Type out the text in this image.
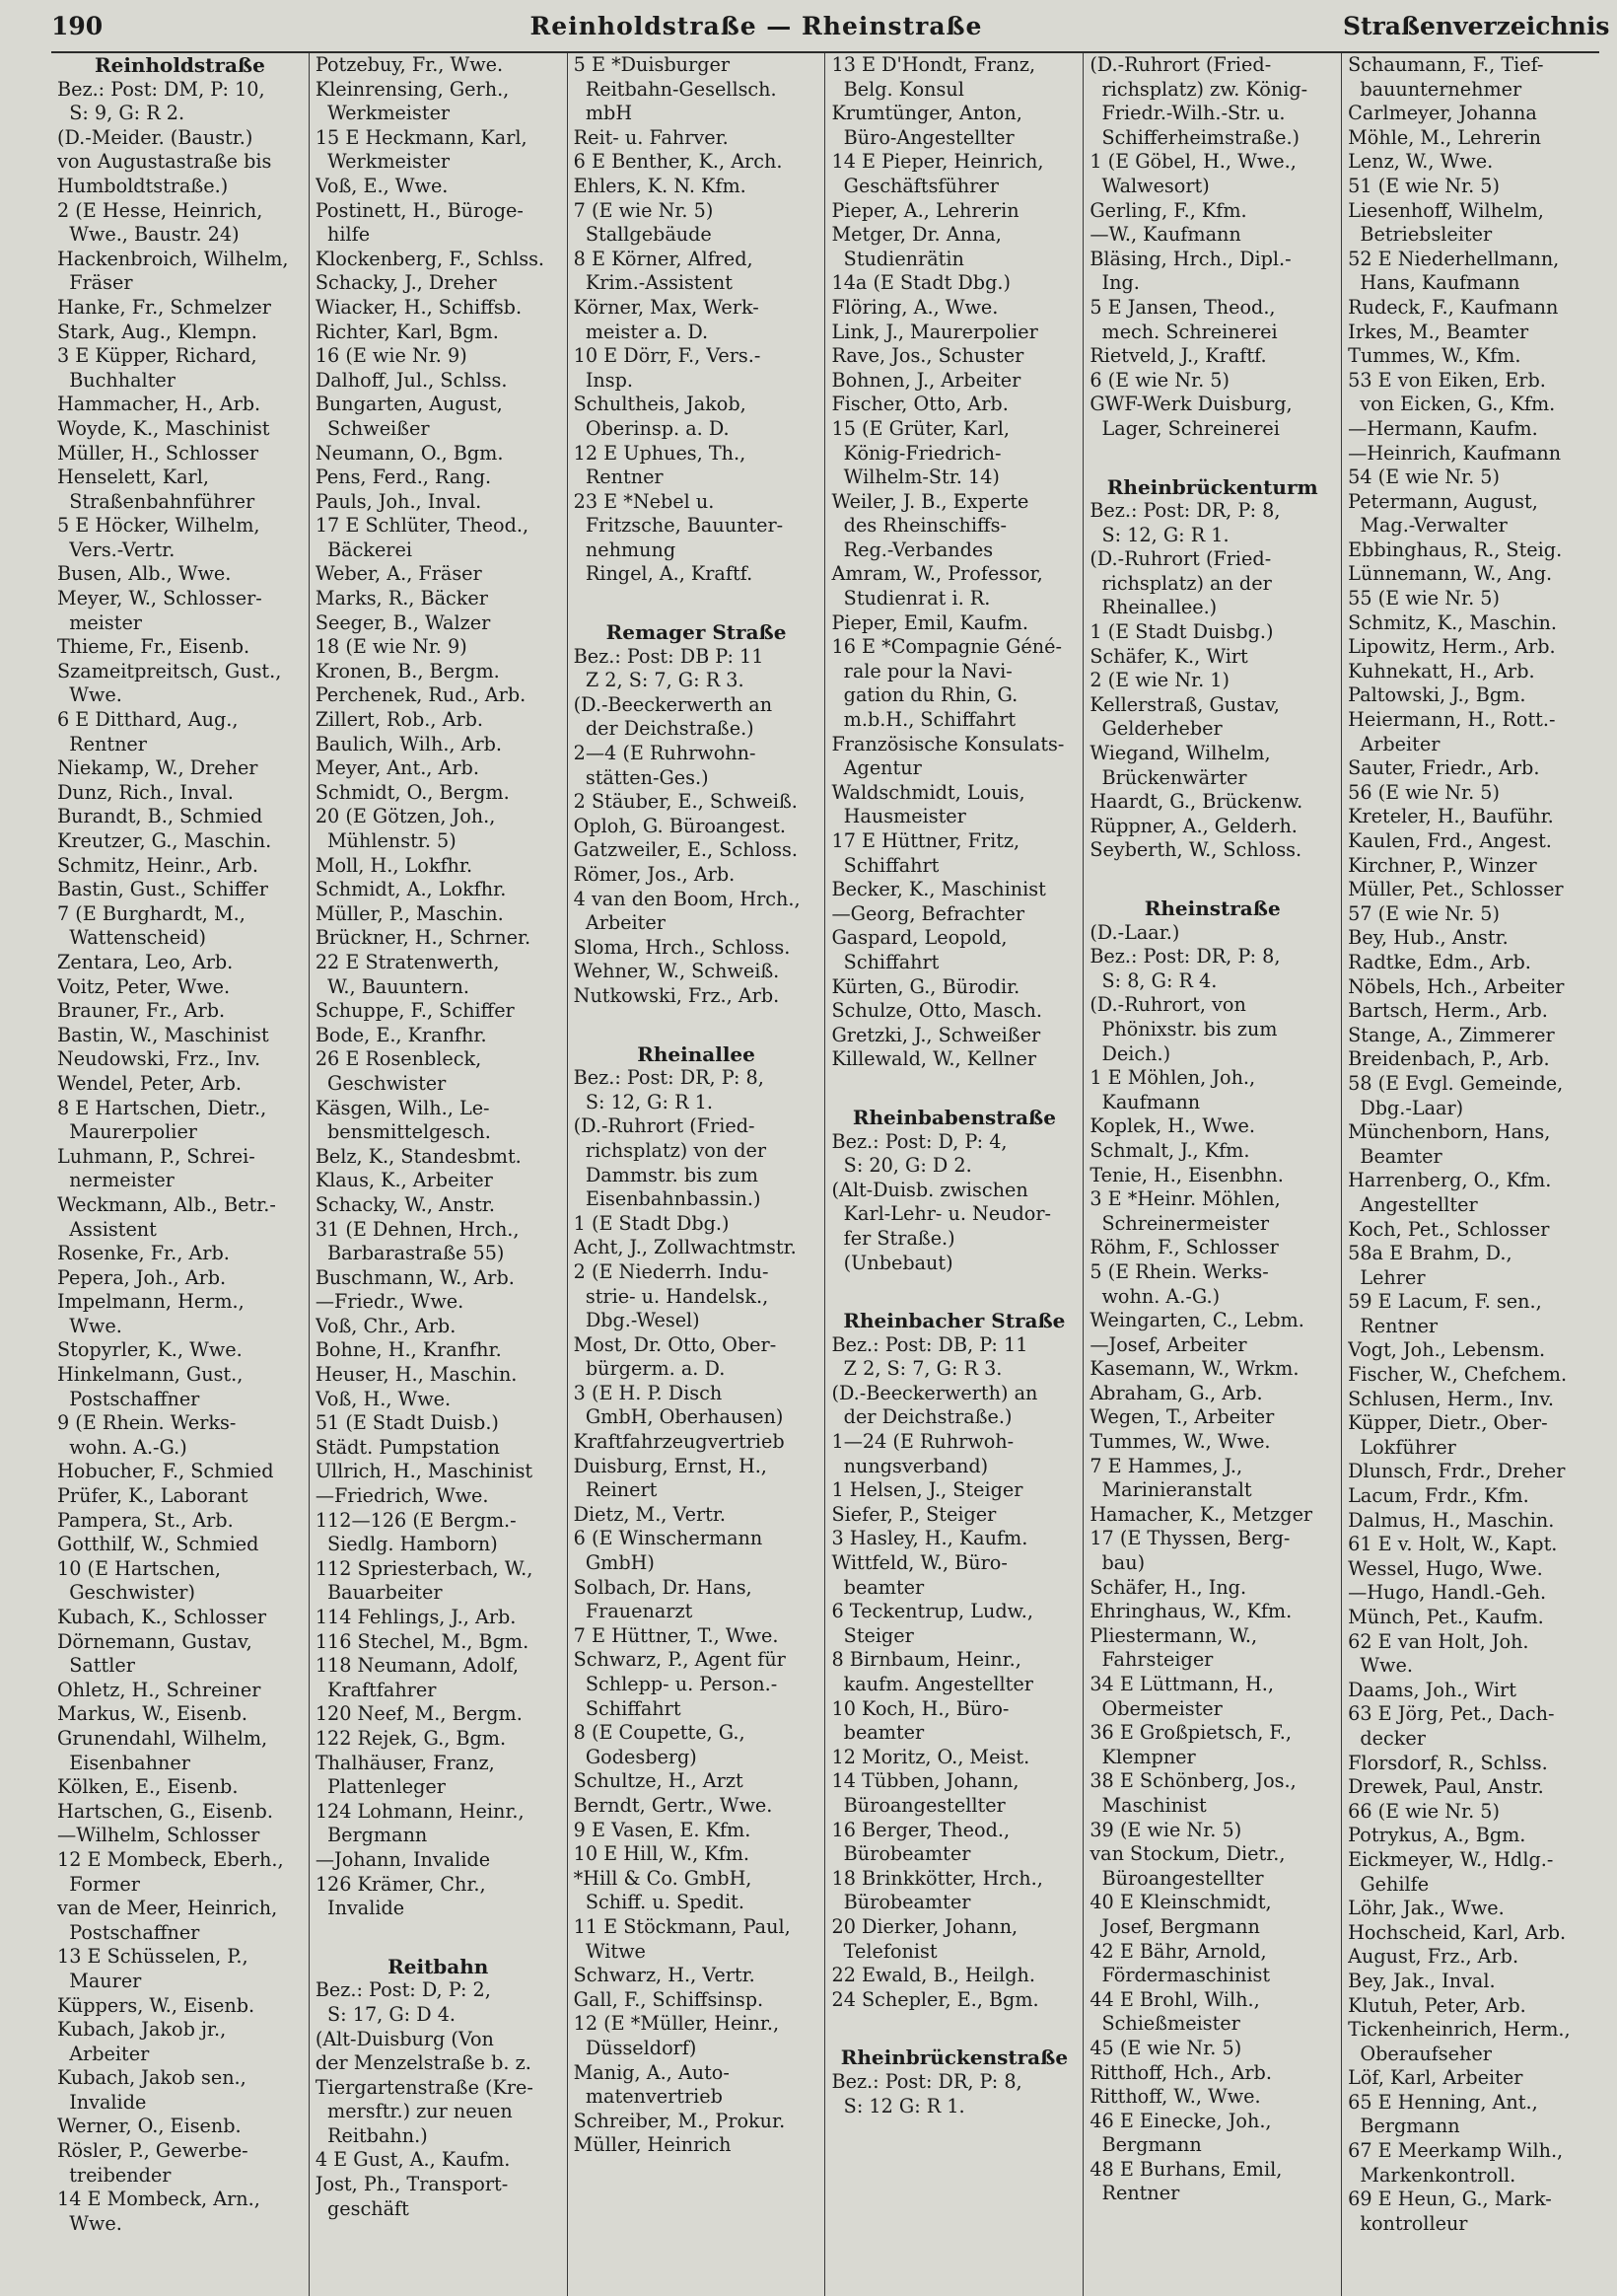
190	Reinholdstraße — Rheinstraße	Straßenverzeichnis

Reinholdstraße

Bez.: Post: DM, P: 10,

S: 9, G: R 2.

(D.-Meider. (Baustr.)

von Augustastraße bis

Humboldtstraße.)

2 (E Hesse, Heinrich,

Wwe., Baustr. 24)

Hackenbroich, Wilhelm,

Fräser

Hanke, Fr., Schmelzer

Stark, Aug., Klempn.

3 E Küpper, Richard,

Buchhalter

Hammacher, H., Arb.

Woyde, K., Maschinist

Müller, H., Schlosser

Henselett, Karl,

Straßenbahnführer

5 E Höcker, Wilhelm,

Vers.-Vertr.

Busen, Alb., Wwe.

Meyer, W., Schlosser-

meister

Thieme, Fr., Eisenb.

Szameitpreitsch, Gust.,

Wwe.

6 E Ditthard, Aug.,

Rentner

Niekamp, W., Dreher

Dunz, Rich., Inval.

Burandt, B., Schmied

Kreutzer, G., Maschin.

Schmitz, Heinr., Arb.

Bastin, Gust., Schiffer

7 (E Burghardt, M.,

Wattenscheid)

Zentara, Leo, Arb.

Voitz, Peter, Wwe.

Brauner, Fr., Arb.

Bastin, W., Maschinist

Neudowski, Frz., Inv.

Wendel, Peter, Arb.

8 E Hartschen, Dietr.,

Maurerpolier

Luhmann, P., Schrei-

nermeister

Weckmann, Alb., Betr.-

Assistent

Rosenke, Fr., Arb.

Pepera, Joh., Arb.

Impelmann, Herm.,

Wwe.

Stopyrler, K., Wwe.

Hinkelmann, Gust.,

Postschaffner

9 (E Rhein. Werks-

wohn. A.-G.)

Hobucher, F., Schmied

Prüfer, K., Laborant

Pampera, St., Arb.

Gotthilf, W., Schmied

10 (E Hartschen,

Geschwister)

Kubach, K., Schlosser

Dörnemann, Gustav,

Sattler

Ohletz, H., Schreiner

Markus, W., Eisenb.

Grunendahl, Wilhelm,

Eisenbahner

Kölken, E., Eisenb.

Hartschen, G., Eisenb.

—Wilhelm, Schlosser

12 E Mombeck, Eberh.,

Former

van de Meer, Heinrich,

Postschaffner

13 E Schüsselen, P.,

Maurer

Küppers, W., Eisenb.

Kubach, Jakob jr.,

Arbeiter

Kubach, Jakob sen.,

Invalide

Werner, O., Eisenb.

Rösler, P., Gewerbe-

treibender

14 E Mombeck, Arn.,

Wwe.

Potzebuy, Fr., Wwe.

Kleinrensing, Gerh.,

Werkmeister

15 E Heckmann, Karl,

Werkmeister

Voß, E., Wwe.

Postinett, H., Büroge-

hilfe

Klockenberg, F., Schlss.

Schacky, J., Dreher

Wiacker, H., Schiffsb.

Richter, Karl, Bgm.

16 (E wie Nr. 9)

Dalhoff, Jul., Schlss.

Bungarten, August,

Schweißer

Neumann, O., Bgm.

Pens, Ferd., Rang.

Pauls, Joh., Inval.

17 E Schlüter, Theod.,

Bäckerei

Weber, A., Fräser

Marks, R., Bäcker

Seeger, B., Walzer

18 (E wie Nr. 9)

Kronen, B., Bergm.

Perchenek, Rud., Arb.

Zillert, Rob., Arb.

Baulich, Wilh., Arb.

Meyer, Ant., Arb.

Schmidt, O., Bergm.

20 (E Götzen, Joh.,

Mühlenstr. 5)

Moll, H., Lokfhr.

Schmidt, A., Lokfhr.

Müller, P., Maschin.

Brückner, H., Schrner.

22 E Stratenwerth,

W., Bauuntern.

Schuppe, F., Schiffer

Bode, E., Kranfhr.

26 E Rosenbleck,

Geschwister

Käsgen, Wilh., Le-

bensmittelgesch.

Belz, K., Standesbmt.

Klaus, K., Arbeiter

Schacky, W., Anstr.

31 (E Dehnen, Hrch.,

Barbarastraße 55)

Buschmann, W., Arb.

—Friedr., Wwe.

Voß, Chr., Arb.

Bohne, H., Kranfhr.

Heuser, H., Maschin.

Voß, H., Wwe.

51 (E Stadt Duisb.)

Städt. Pumpstation

Ullrich, H., Maschinist

—Friedrich, Wwe.

112—126 (E Bergm.-

Siedlg. Hamborn)

112 Spriesterbach, W.,

Bauarbeiter

114 Fehlings, J., Arb.

116 Stechel, M., Bgm.

118 Neumann, Adolf,

Kraftfahrer

120 Neef, M., Bergm.

122 Rejek, G., Bgm.

Thalhäuser, Franz,

Plattenleger

124 Lohmann, Heinr.,

Bergmann

—Johann, Invalide

126 Krämer, Chr.,

Invalide

Reitbahn

Bez.: Post: D, P: 2,

S: 17, G: D 4.

(Alt-Duisburg (Von

der Menzelstraße b. z.

Tiergartenstraße (Kre-

mersftr.) zur neuen

Reitbahn.)

4 E Gust, A., Kaufm.

Jost, Ph., Transport-

geschäft

5 E *Duisburger

Reitbahn-Gesellsch.

mbH

Reit- u. Fahrver.

6 E Benther, K., Arch.

Ehlers, K. N. Kfm.

7 (E wie Nr. 5)

Stallgebäude

8 E Körner, Alfred,

Krim.-Assistent

Körner, Max, Werk-

meister a. D.

10 E Dörr, F., Vers.-

Insp.

Schultheis, Jakob,

Oberinsp. a. D.

12 E Uphues, Th.,

Rentner

23 E *Nebel u.

Fritzsche, Bauunter-

nehmung

Ringel, A., Kraftf.

Remager Straße

Bez.: Post: DB P: 11

Z 2, S: 7, G: R 3.

(D.-Beeckerwerth an

der Deichstraße.)

2—4 (E Ruhrwohn-

stätten-Ges.)

2 Stäuber, E., Schweiß.

Oploh, G. Büroangest.

Gatzweiler, E., Schloss.

Römer, Jos., Arb.

4 van den Boom, Hrch.,

Arbeiter

Sloma, Hrch., Schloss.

Wehner, W., Schweiß.

Nutkowski, Frz., Arb.

Rheinallee

Bez.: Post: DR, P: 8,

S: 12, G: R 1.

(D.-Ruhrort (Fried-

richsplatz) von der

Dammstr. bis zum

Eisenbahnbassin.)

1 (E Stadt Dbg.)

Acht, J., Zollwachtmstr.

2 (E Niederrh. Indu-

strie- u. Handelsk.,

Dbg.-Wesel)

Most, Dr. Otto, Ober-

bürgerm. a. D.

3 (E H. P. Disch

GmbH, Oberhausen)

Kraftfahrzeugvertrieb

Duisburg, Ernst, H.,

Reinert

Dietz, M., Vertr.

6 (E Winschermann

GmbH)

Solbach, Dr. Hans,

Frauenarzt

7 E Hüttner, T., Wwe.

Schwarz, P., Agent für

Schlepp- u. Person.-

Schiffahrt

8 (E Coupette, G.,

Godesberg)

Schultze, H., Arzt

Berndt, Gertr., Wwe.

9 E Vasen, E. Kfm.

10 E Hill, W., Kfm.

*Hill & Co. GmbH,

Schiff. u. Spedit.

11 E Stöckmann, Paul,

Witwe

Schwarz, H., Vertr.

Gall, F., Schiffsinsp.

12 (E *Müller, Heinr.,

Düsseldorf)

Manig, A., Auto-

matenvertrieb

Schreiber, M., Prokur.

Müller, Heinrich

13 E D'Hondt, Franz,

Belg. Konsul

Krumtünger, Anton,

Büro-Angestellter

14 E Pieper, Heinrich,

Geschäftsführer

Pieper, A., Lehrerin

Metger, Dr. Anna,

Studienrätin

14a (E Stadt Dbg.)

Flöring, A., Wwe.

Link, J., Maurerpolier

Rave, Jos., Schuster

Bohnen, J., Arbeiter

Fischer, Otto, Arb.

15 (E Grüter, Karl,

König-Friedrich-

Wilhelm-Str. 14)

Weiler, J. B., Experte

des Rheinschiffs-

Reg.-Verbandes

Amram, W., Professor,

Studienrat i. R.

Pieper, Emil, Kaufm.

16 E *Compagnie Géné-

rale pour la Navi-

gation du Rhin, G.

m.b.H., Schiffahrt

Französische Konsulats-

Agentur

Waldschmidt, Louis,

Hausmeister

17 E Hüttner, Fritz,

Schiffahrt

Becker, K., Maschinist

—Georg, Befrachter

Gaspard, Leopold,

Schiffahrt

Kürten, G., Bürodir.

Schulze, Otto, Masch.

Gretzki, J., Schweißer

Killewald, W., Kellner

Rheinbabenstraße

Bez.: Post: D, P: 4,

S: 20, G: D 2.

(Alt-Duisb. zwischen

Karl-Lehr- u. Neudor-

fer Straße.)

(Unbebaut)

Rheinbacher Straße

Bez.: Post: DB, P: 11

Z 2, S: 7, G: R 3.

(D.-Beeckerwerth) an

der Deichstraße.)

1—24 (E Ruhrwoh-

nungsverband)

1 Helsen, J., Steiger

Siefer, P., Steiger

3 Hasley, H., Kaufm.

Wittfeld, W., Büro-

beamter

6 Teckentrup, Ludw.,

Steiger

8 Birnbaum, Heinr.,

kaufm. Angestellter

10 Koch, H., Büro-

beamter

12 Moritz, O., Meist.

14 Tübben, Johann,

Büroangestellter

16 Berger, Theod.,

Bürobeamter

18 Brinkkötter, Hrch.,

Bürobeamter

20 Dierker, Johann,

Telefonist

22 Ewald, B., Heilgh.

24 Schepler, E., Bgm.

Rheinbrückenstraße

Bez.: Post: DR, P: 8,

S: 12 G: R 1.

(D.-Ruhrort (Fried-

richsplatz) zw. König-

Friedr.-Wilh.-Str. u.

Schifferheimstraße.)

1 (E Göbel, H., Wwe.,

Walwesort)

Gerling, F., Kfm.

—W., Kaufmann

Bläsing, Hrch., Dipl.-

Ing.

5 E Jansen, Theod.,

mech. Schreinerei

Rietveld, J., Kraftf.

6 (E wie Nr. 5)

GWF-Werk Duisburg,

Lager, Schreinerei

Rheinbrückenturm

Bez.: Post: DR, P: 8,

S: 12, G: R 1.

(D.-Ruhrort (Fried-

richsplatz) an der

Rheinallee.)

1 (E Stadt Duisbg.)

Schäfer, K., Wirt

2 (E wie Nr. 1)

Kellerstraß, Gustav,

Gelderheber

Wiegand, Wilhelm,

Brückenwärter

Haardt, G., Brückenw.

Rüppner, A., Gelderh.

Seyberth, W., Schloss.

Rheinstraße

(D.-Laar.)

Bez.: Post: DR, P: 8,

S: 8, G: R 4.

(D.-Ruhrort, von

Phönixstr. bis zum

Deich.)

1 E Möhlen, Joh.,

Kaufmann

Koplek, H., Wwe.

Schmalt, J., Kfm.

Tenie, H., Eisenbhn.

3 E *Heinr. Möhlen,

Schreinermeister

Röhm, F., Schlosser

5 (E Rhein. Werks-

wohn. A.-G.)

Weingarten, C., Lebm.

—Josef, Arbeiter

Kasemann, W., Wrkm.

Abraham, G., Arb.

Wegen, T., Arbeiter

Tummes, W., Wwe.

7 E Hammes, J.,

Marinieranstalt

Hamacher, K., Metzger

17 (E Thyssen, Berg-

bau)

Schäfer, H., Ing.

Ehringhaus, W., Kfm.

Pliestermann, W.,

Fahrsteiger

34 E Lüttmann, H.,

Obermeister

36 E Großpietsch, F.,

Klempner

38 E Schönberg, Jos.,

Maschinist

39 (E wie Nr. 5)

van Stockum, Dietr.,

Büroangestellter

40 E Kleinschmidt,

Josef, Bergmann

42 E Bähr, Arnold,

Fördermaschinist

44 E Brohl, Wilh.,

Schießmeister

45 (E wie Nr. 5)

Ritthoff, Hch., Arb.

Ritthoff, W., Wwe.

46 E Einecke, Joh.,

Bergmann

48 E Burhans, Emil,

Rentner

Schaumann, F., Tief-

bauunternehmer

Carlmeyer, Johanna

Möhle, M., Lehrerin

Lenz, W., Wwe.

51 (E wie Nr. 5)

Liesenhoff, Wilhelm,

Betriebsleiter

52 E Niederhellmann,

Hans, Kaufmann

Rudeck, F., Kaufmann

Irkes, M., Beamter

Tummes, W., Kfm.

53 E von Eiken, Erb.

von Eicken, G., Kfm.

—Hermann, Kaufm.

—Heinrich, Kaufmann

54 (E wie Nr. 5)

Petermann, August,

Mag.-Verwalter

Ebbinghaus, R., Steig.

Lünnemann, W., Ang.

55 (E wie Nr. 5)

Schmitz, K., Maschin.

Lipowitz, Herm., Arb.

Kuhnekatt, H., Arb.

Paltowski, J., Bgm.

Heiermann, H., Rott.-

Arbeiter

Sauter, Friedr., Arb.

56 (E wie Nr. 5)

Kreteler, H., Bauführ.

Kaulen, Frd., Angest.

Kirchner, P., Winzer

Müller, Pet., Schlosser

57 (E wie Nr. 5)

Bey, Hub., Anstr.

Radtke, Edm., Arb.

Nöbels, Hch., Arbeiter

Bartsch, Herm., Arb.

Stange, A., Zimmerer

Breidenbach, P., Arb.

58 (E Evgl. Gemeinde,

Dbg.-Laar)

Münchenborn, Hans,

Beamter

Harrenberg, O., Kfm.

Angestellter

Koch, Pet., Schlosser

58a E Brahm, D.,

Lehrer

59 E Lacum, F. sen.,

Rentner

Vogt, Joh., Lebensm.

Fischer, W., Chefchem.

Schlusen, Herm., Inv.

Küpper, Dietr., Ober-

Lokführer

Dlunsch, Frdr., Dreher

Lacum, Frdr., Kfm.

Dalmus, H., Maschin.

61 E v. Holt, W., Kapt.

Wessel, Hugo, Wwe.

—Hugo, Handl.-Geh.

Münch, Pet., Kaufm.

62 E van Holt, Joh.

Wwe.

Daams, Joh., Wirt

63 E Jörg, Pet., Dach-

decker

Florsdorf, R., Schlss.

Drewek, Paul, Anstr.

66 (E wie Nr. 5)

Potrykus, A., Bgm.

Eickmeyer, W., Hdlg.-

Gehilfe

Löhr, Jak., Wwe.

Hochscheid, Karl, Arb.

August, Frz., Arb.

Bey, Jak., Inval.

Klutuh, Peter, Arb.

Tickenheinrich, Herm.,

Oberaufseher

Löf, Karl, Arbeiter

65 E Henning, Ant.,

Bergmann

67 E Meerkamp Wilh.,

Markenkontroll.

69 E Heun, G., Mark-

kontrolleur
